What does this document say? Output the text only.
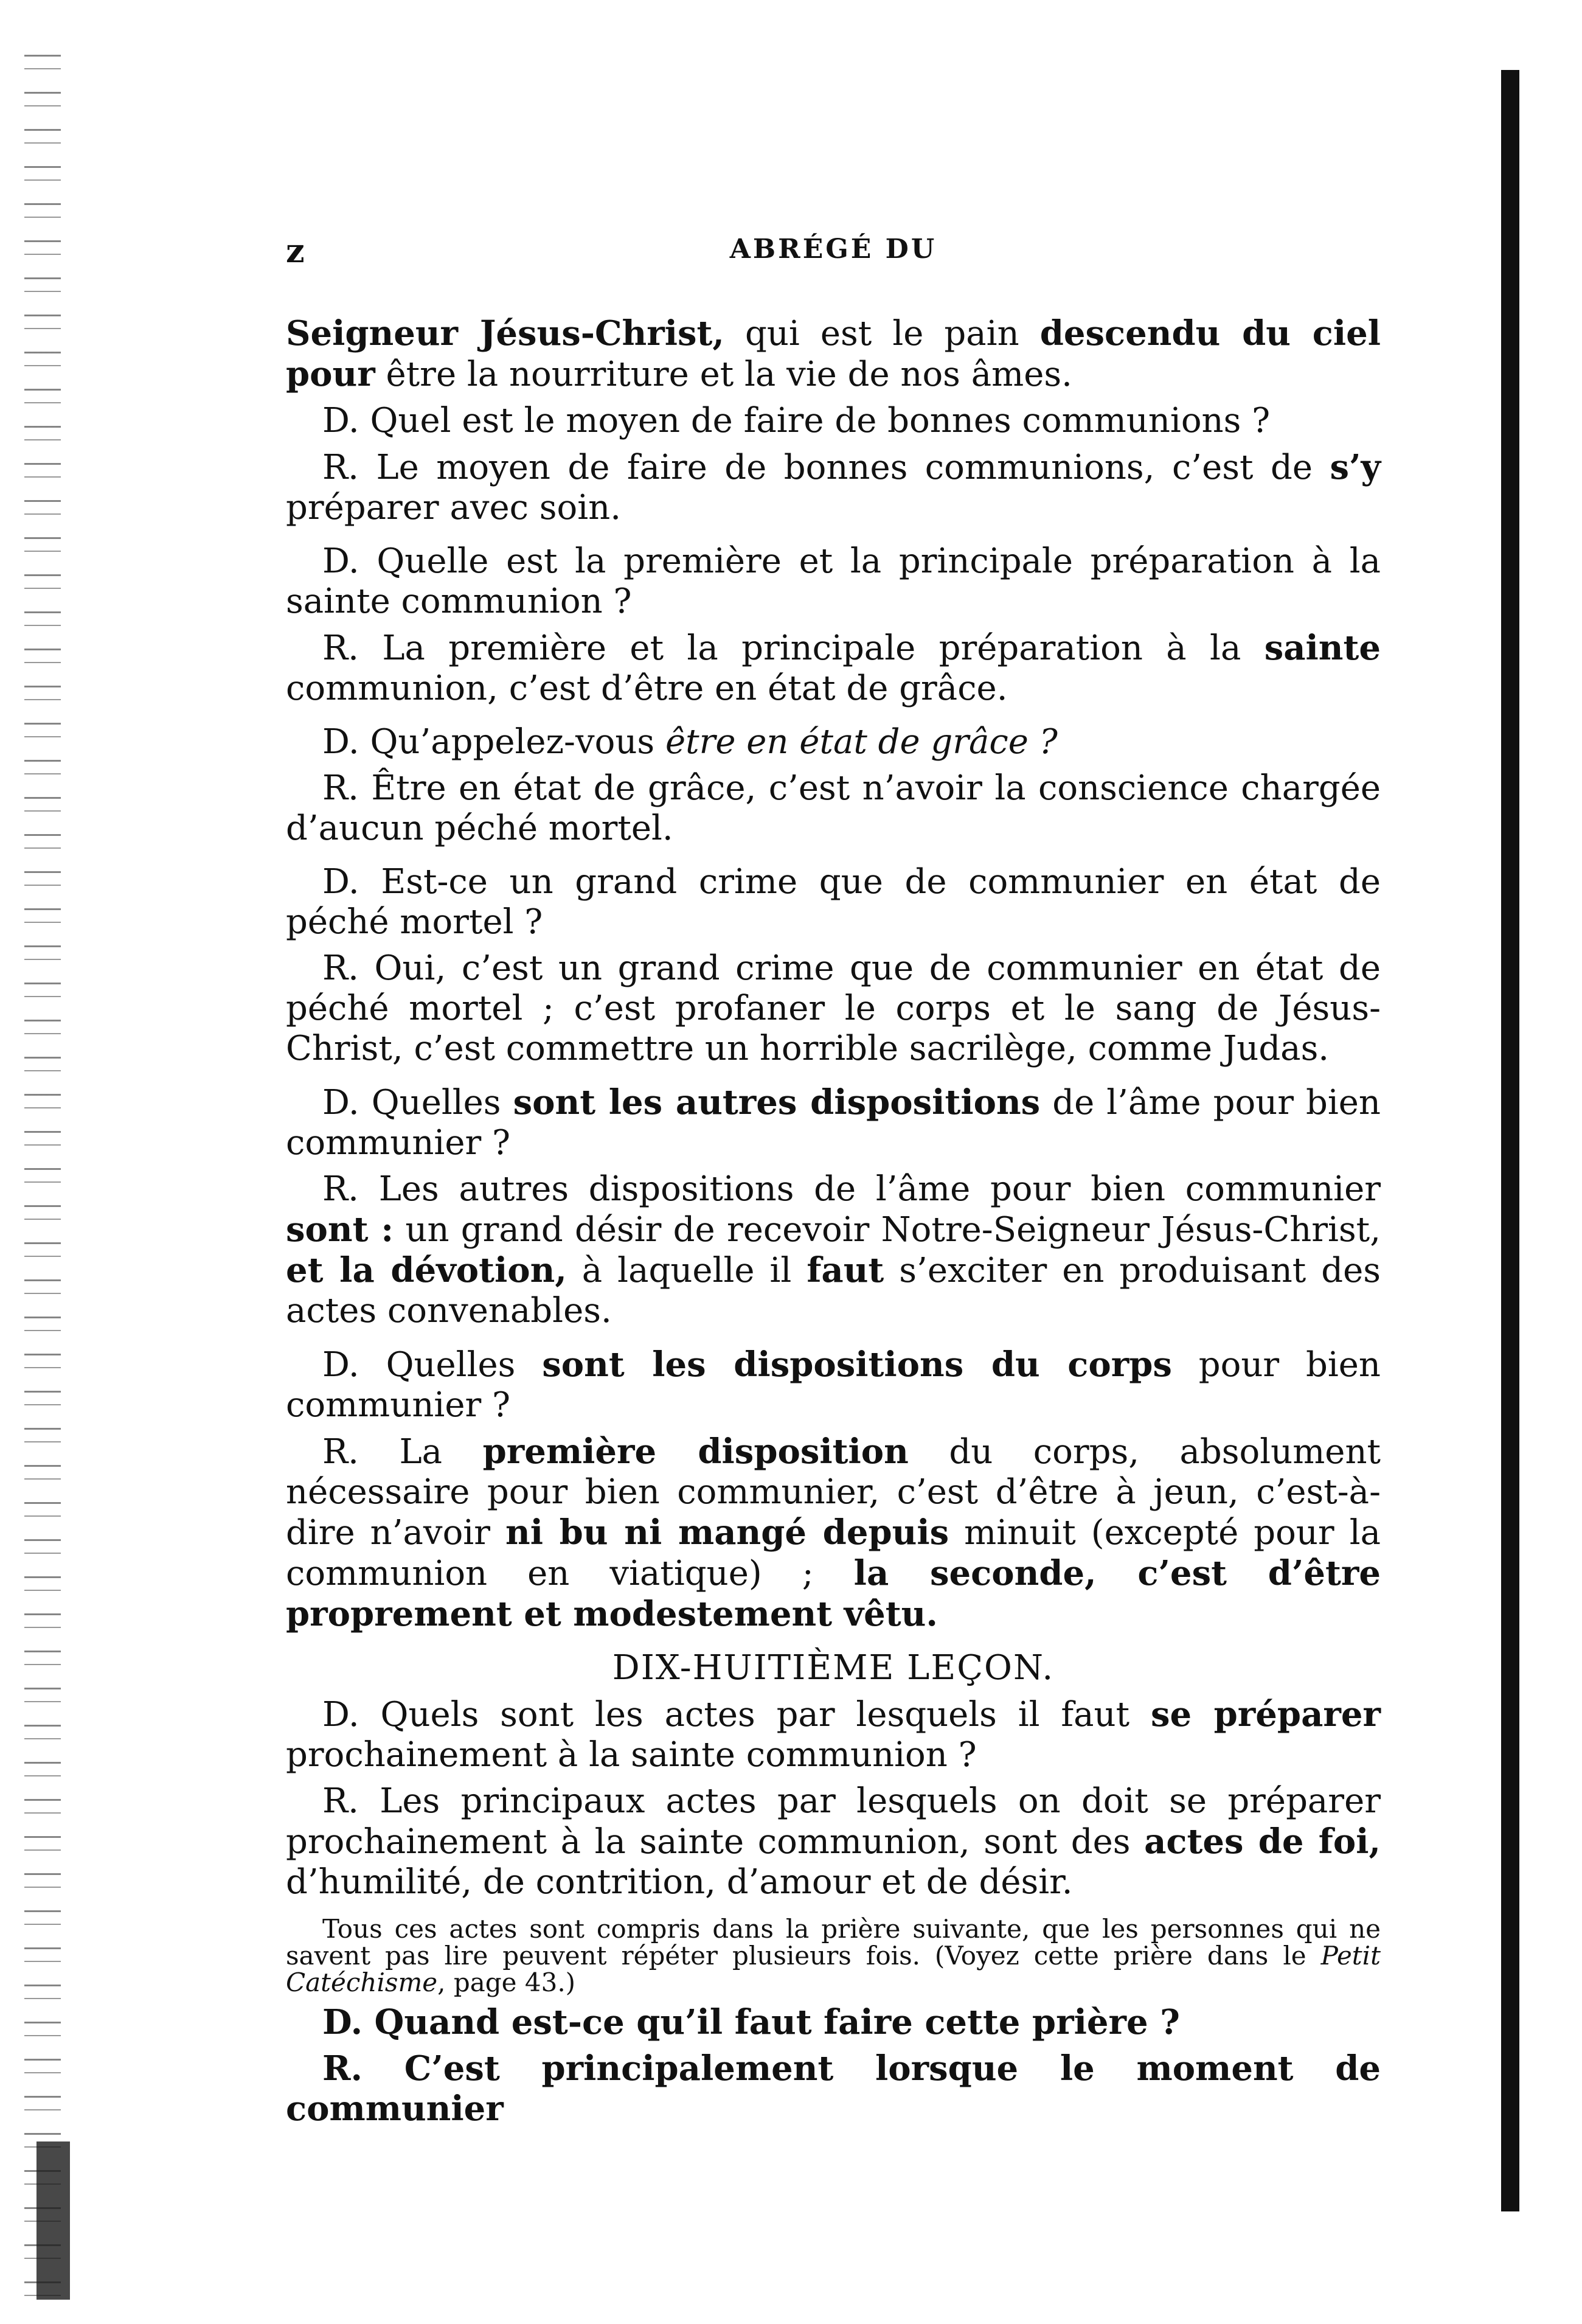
z	ABRÉGÉ DU

Seigneur Jésus-Christ, qui est le pain descendu du ciel pour être la nourriture et la vie de nos âmes.

D. Quel est le moyen de faire de bonnes communions ?

R. Le moyen de faire de bonnes communions, c’est de s’y préparer avec soin.

D. Quelle est la première et la principale préparation à la sainte communion ?

R. La première et la principale préparation à la sainte communion, c’est d’être en état de grâce.

D. Qu’appelez-vous être en état de grâce ?

R. Être en état de grâce, c’est n’avoir la conscience chargée d’aucun péché mortel.

D. Est-ce un grand crime que de communier en état de péché mortel ?

R. Oui, c’est un grand crime que de communier en état de péché mortel ; c’est profaner le corps et le sang de Jésus-Christ, c’est commettre un horrible sacrilège, comme Judas.

D. Quelles sont les autres dispositions de l’âme pour bien communier ?

R. Les autres dispositions de l’âme pour bien communier sont : un grand désir de recevoir Notre-Seigneur Jésus-Christ, et la dévotion, à laquelle il faut s’exciter en produisant des actes convenables.

D. Quelles sont les dispositions du corps pour bien communier ?

R. La première disposition du corps, absolument nécessaire pour bien communier, c’est d’être à jeun, c’est-à-dire n’avoir ni bu ni mangé depuis minuit (excepté pour la communion en viatique) ; la seconde, c’est d’être proprement et modestement vêtu.

DIX-HUITIÈME LEÇON.

D. Quels sont les actes par lesquels il faut se préparer prochainement à la sainte communion ?

R. Les principaux actes par lesquels on doit se préparer prochainement à la sainte communion, sont des actes de foi, d’humilité, de contrition, d’amour et de désir.

Tous ces actes sont compris dans la prière suivante, que les personnes qui ne savent pas lire peuvent répéter plusieurs fois. (Voyez cette prière dans le Petit Catéchisme, page 43.)

D. Quand est-ce qu’il faut faire cette prière ?

R. C’est principalement lorsque le moment de communier
